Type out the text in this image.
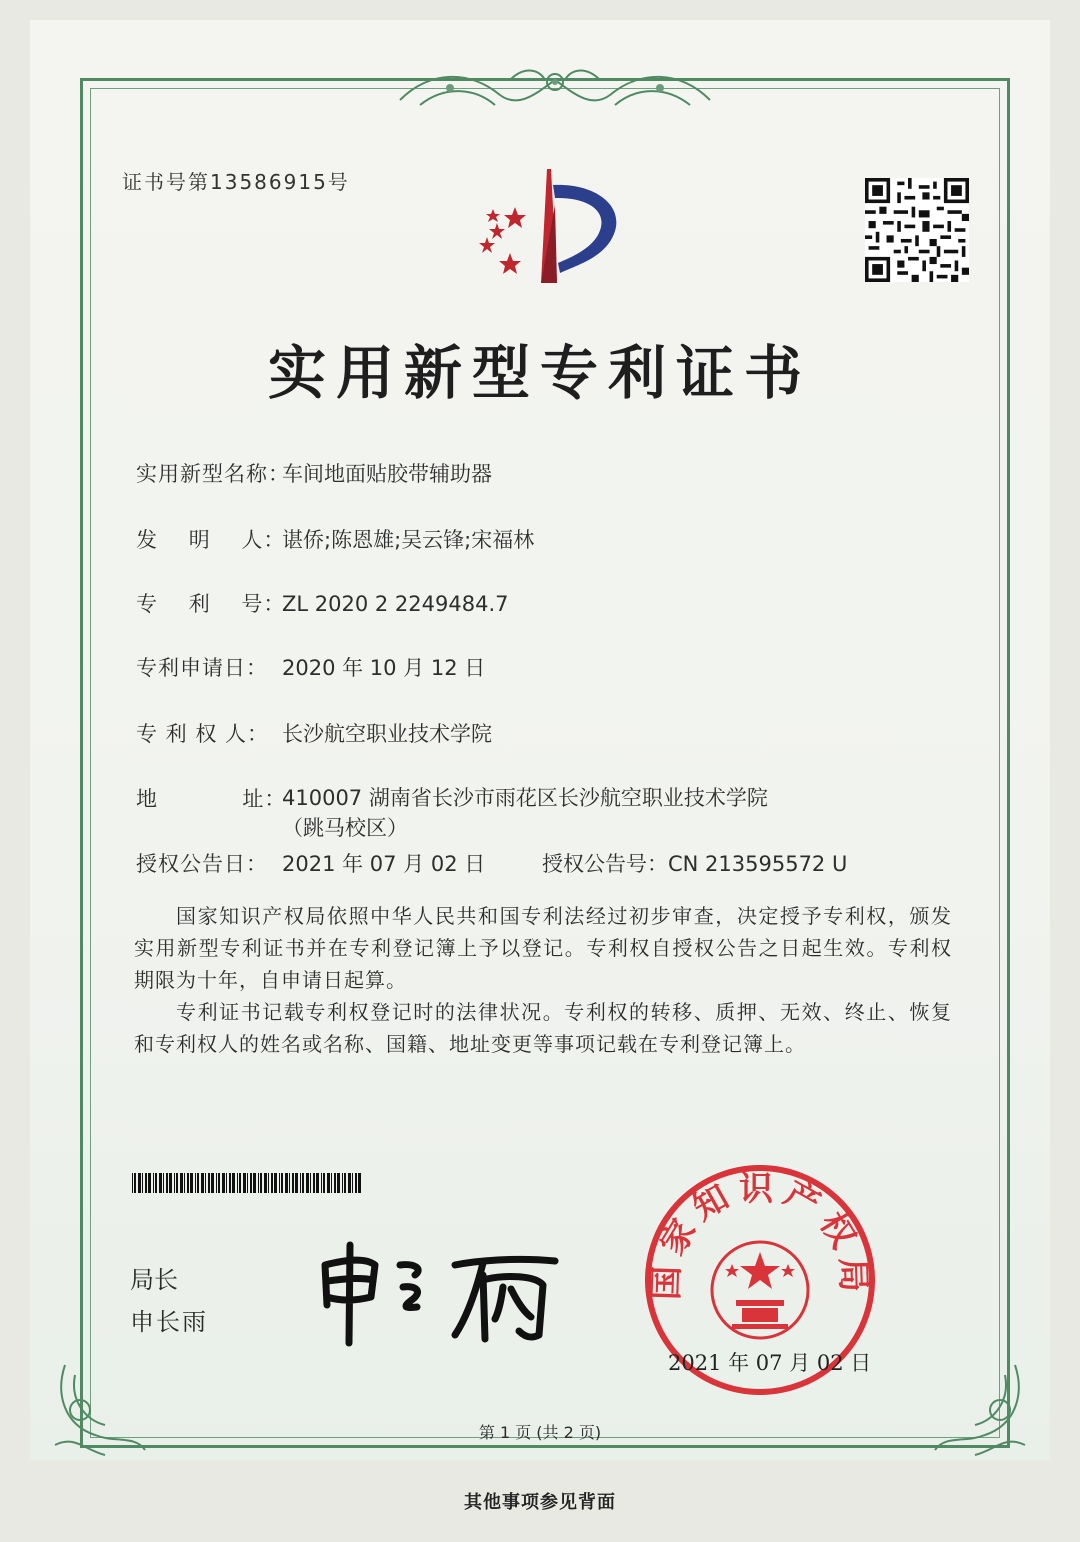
证书号第13586915号
实用新型专利证书
实用新型名称：车间地面贴胶带辅助器
发    明    人：谌侨;陈恩雄;吴云锋;宋福林
专    利    号：ZL 2020 2 2249484.7
专利申请日： 2020 年 10 月 12 日
专 利 权 人： 长沙航空职业技术学院
地           址：410007 湖南省长沙市雨花区长沙航空职业技术学院（跳马校区）
授权公告日： 2021 年 07 月 02 日	授权公告号：CN 213595572 U
国家知识产权局依照中华人民共和国专利法经过初步审查，决定授予专利权，颁发实用新型专利证书并在专利登记簿上予以登记。专利权自授权公告之日起生效。专利权期限为十年，自申请日起算。
专利证书记载专利权登记时的法律状况。专利权的转移、质押、无效、终止、恢复和专利权人的姓名或名称、国籍、地址变更等事项记载在专利登记簿上。
局长
申长雨
国家知识产权局
2021 年 07 月 02 日
第 1 页 (共 2 页)
其他事项参见背面
